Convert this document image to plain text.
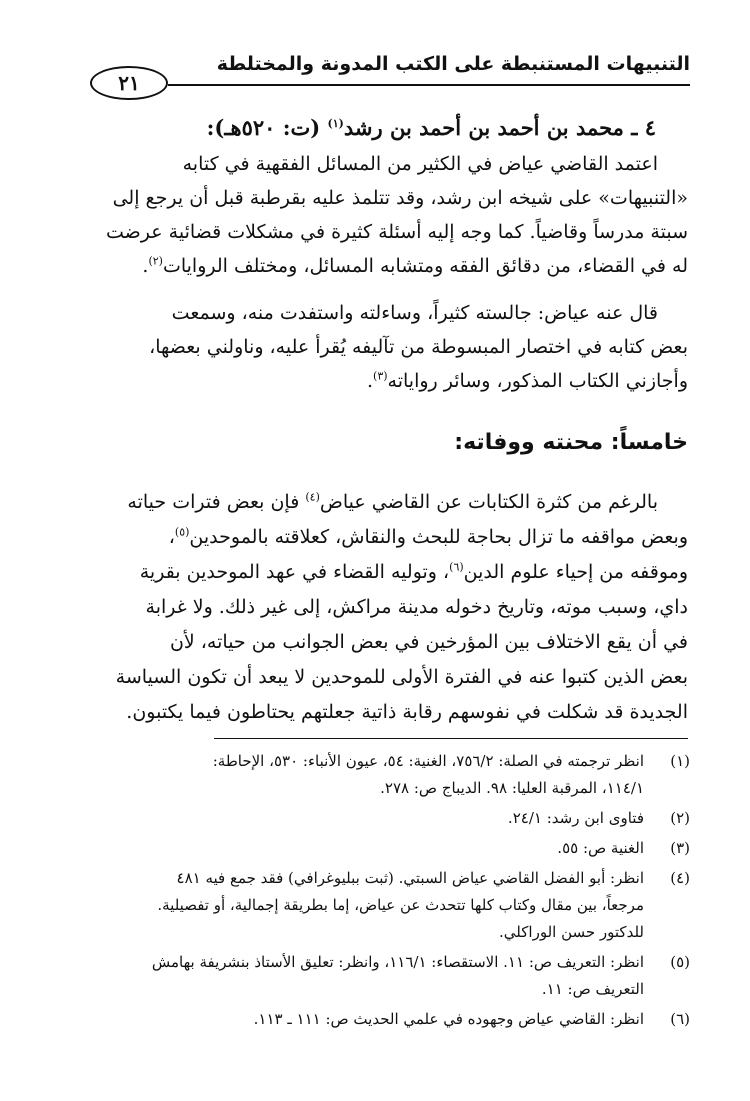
التنبيهات المستنبطة على الكتب المدونة والمختلطة
٢١
٤ ـ محمد بن أحمد بن أحمد بن رشد$^{(١)}$ (ت: ٥٢٠هـ):
اعتمد القاضي عياض في الكثير من المسائل الفقهية في كتابه
«التنبيهات» على شيخه ابن رشد، وقد تتلمذ عليه بقرطبة قبل أن يرجع إلى
سبتة مدرساً وقاضياً. كما وجه إليه أسئلة كثيرة في مشكلات قضائية عرضت
له في القضاء، من دقائق الفقه ومتشابه المسائل، ومختلف الروايات$^{(٢)}$.
قال عنه عياض: جالسته كثيراً، وساءلته واستفدت منه، وسمعت
بعض كتابه في اختصار المبسوطة من تآليفه يُقرأ عليه، وناولني بعضها،
وأجازني الكتاب المذكور، وسائر رواياته$^{(٣)}$.
خامساً: محنته ووفاته:
بالرغم من كثرة الكتابات عن القاضي عياض$^{(٤)}$ فإن بعض فترات حياته
وبعض مواقفه ما تزال بحاجة للبحث والنقاش، كعلاقته بالموحدين$^{(٥)}$،
وموقفه من إحياء علوم الدين$^{(٦)}$، وتوليه القضاء في عهد الموحدين بقرية
داي، وسبب موته، وتاريخ دخوله مدينة مراكش، إلى غير ذلك. ولا غرابة
في أن يقع الاختلاف بين المؤرخين في بعض الجوانب من حياته، لأن
بعض الذين كتبوا عنه في الفترة الأولى للموحدين لا يبعد أن تكون السياسة
الجديدة قد شكلت في نفوسهم رقابة ذاتية جعلتهم يحتاطون فيما يكتبون.
(١)
انظر ترجمته في الصلة: ٧٥٦/٢، الغنية: ٥٤، عيون الأنباء: ٥٣٠، الإحاطة:
١١٤/١، المرقبة العليا: ٩٨. الديباج ص: ٢٧٨.
(٢)
فتاوى ابن رشد: ٢٤/١.
(٣)
الغنية ص: ٥٥.
(٤)
انظر: أبو الفضل القاضي عياض السبتي. (ثبت ببليوغرافي) فقد جمع فيه ٤٨١
مرجعاً، بين مقال وكتاب كلها تتحدث عن عياض، إما بطريقة إجمالية، أو تفصيلية.
للدكتور حسن الوراكلي.
(٥)
انظر: التعريف ص: ١١. الاستقصاء: ١١٦/١، وانظر: تعليق الأستاذ بنشريفة بهامش
التعريف ص: ١١.
(٦)
انظر: القاضي عياض وجهوده في علمي الحديث ص: ١١١ ـ ١١٣.
